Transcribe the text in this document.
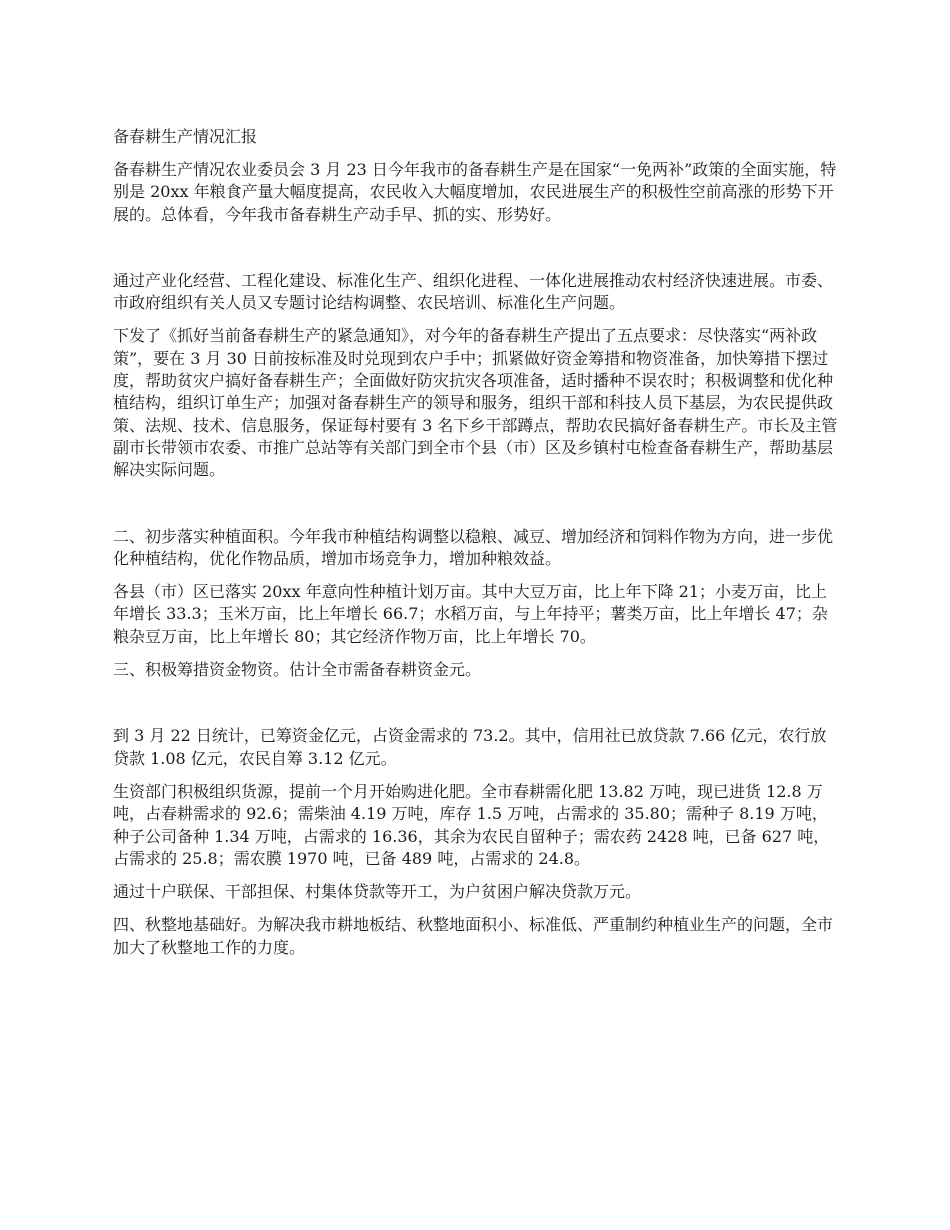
备春耕生产情况汇报

备春耕生产情况农业委员会 3 月 23 日今年我市的备春耕生产是在国家“一免两补”政策的全面实施，特别是 20xx 年粮食产量大幅度提高，农民收入大幅度增加，农民进展生产的积极性空前高涨的形势下开展的。总体看，今年我市备春耕生产动手早、抓的实、形势好。

通过产业化经营、工程化建设、标准化生产、组织化进程、一体化进展推动农村经济快速进展。市委、市政府组织有关人员又专题讨论结构调整、农民培训、标准化生产问题。

下发了《抓好当前备春耕生产的紧急通知》，对今年的备春耕生产提出了五点要求：尽快落实“两补政策”，要在 3 月 30 日前按标准及时兑现到农户手中；抓紧做好资金筹措和物资准备，加快筹措下摆过度，帮助贫灾户搞好备春耕生产；全面做好防灾抗灾各项准备，适时播种不误农时；积极调整和优化种植结构，组织订单生产；加强对备春耕生产的领导和服务，组织干部和科技人员下基层，为农民提供政策、法规、技术、信息服务，保证每村要有 3 名下乡干部蹲点，帮助农民搞好备春耕生产。市长及主管副市长带领市农委、市推广总站等有关部门到全市个县（市）区及乡镇村屯检查备春耕生产，帮助基层解决实际问题。

二、初步落实种植面积。今年我市种植结构调整以稳粮、减豆、增加经济和饲料作物为方向，进一步优化种植结构，优化作物品质，增加市场竞争力，增加种粮效益。

各县（市）区已落实 20xx 年意向性种植计划万亩。其中大豆万亩，比上年下降 21；小麦万亩，比上年增长 33.3；玉米万亩，比上年增长 66.7；水稻万亩，与上年持平；薯类万亩，比上年增长 47；杂粮杂豆万亩，比上年增长 80；其它经济作物万亩，比上年增长 70。

三、积极筹措资金物资。估计全市需备春耕资金元。

到 3 月 22 日统计，已筹资金亿元，占资金需求的 73.2。其中，信用社已放贷款 7.66 亿元，农行放贷款 1.08 亿元，农民自筹 3.12 亿元。

生资部门积极组织货源，提前一个月开始购进化肥。全市春耕需化肥 13.82 万吨，现已进货 12.8 万吨，占春耕需求的 92.6；需柴油 4.19 万吨，库存 1.5 万吨，占需求的 35.80；需种子 8.19 万吨，种子公司备种 1.34 万吨，占需求的 16.36，其余为农民自留种子；需农药 2428 吨，已备 627 吨，占需求的 25.8；需农膜 1970 吨，已备 489 吨，占需求的 24.8。

通过十户联保、干部担保、村集体贷款等开工，为户贫困户解决贷款万元。

四、秋整地基础好。为解决我市耕地板结、秋整地面积小、标准低、严重制约种植业生产的问题，全市加大了秋整地工作的力度。
